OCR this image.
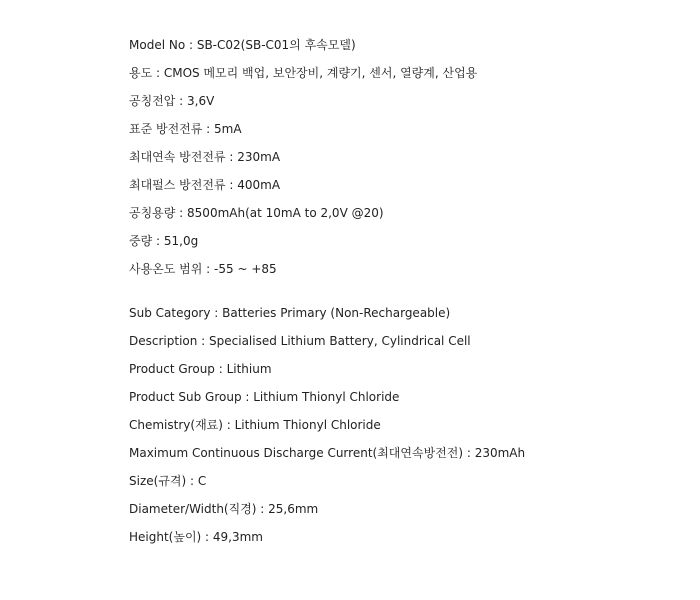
Model No : SB-C02(SB-C01의 후속모델)
용도 : CMOS 메모리 백업, 보안장비, 계량기, 센서, 열량계, 산업용
공칭전압 : 3,6V
표준 방전전류 : 5mA
최대연속 방전전류 : 230mA
최대펄스 방전전류 : 400mA
공칭용량 : 8500mAh(at 10mA to 2,0V @20)
중량 : 51,0g
사용온도 범위 : -55 ~ +85
Sub Category : Batteries Primary (Non-Rechargeable)
Description : Specialised Lithium Battery, Cylindrical Cell
Product Group : Lithium
Product Sub Group : Lithium Thionyl Chloride
Chemistry(재료) : Lithium Thionyl Chloride
Maximum Continuous Discharge Current(최대연속방전전) : 230mAh
Size(규격) : C
Diameter/Width(직경) : 25,6mm
Height(높이) : 49,3mm
